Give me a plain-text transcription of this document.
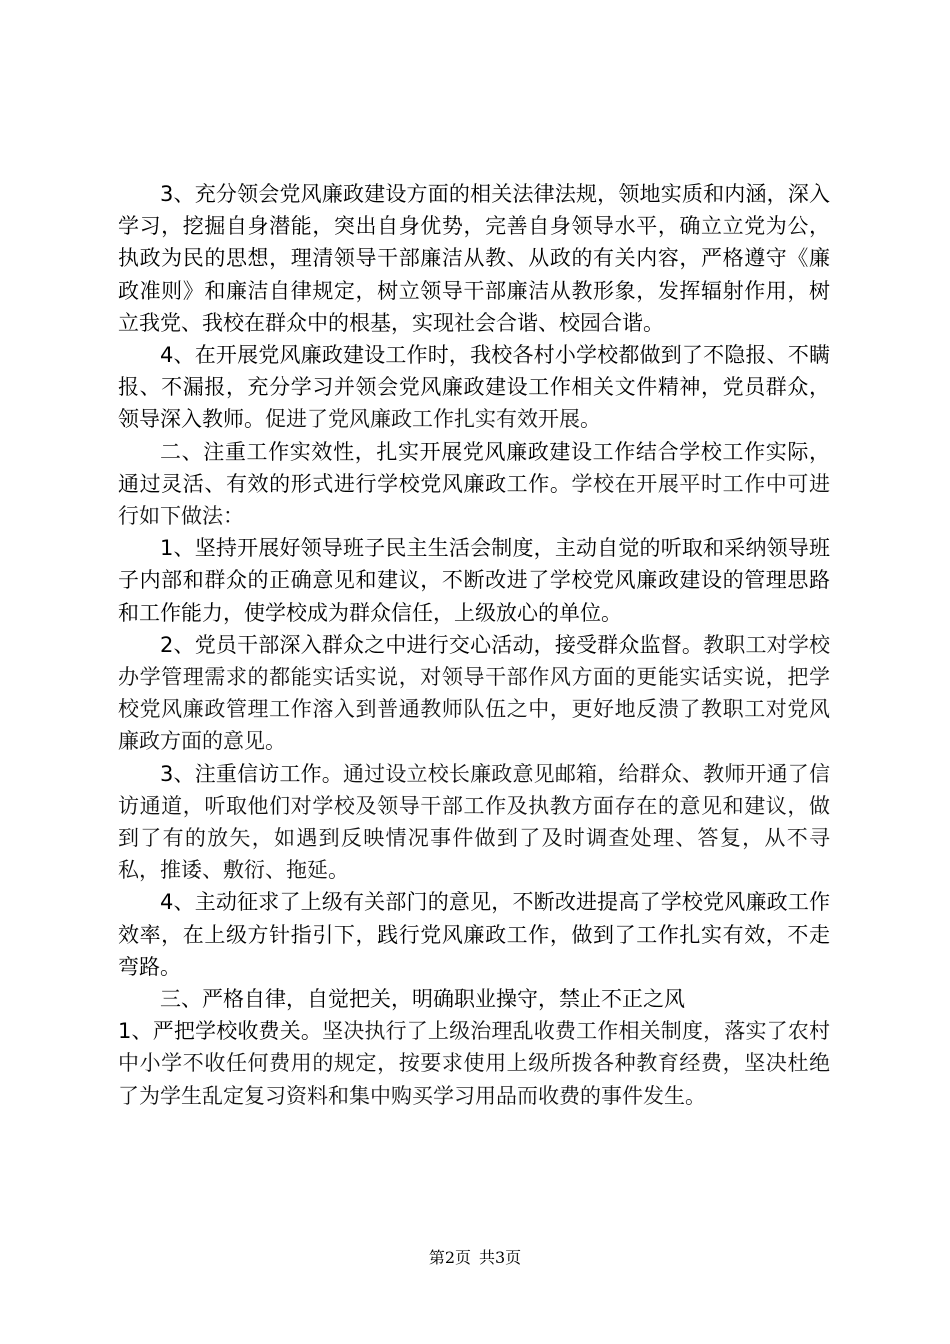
3、充分领会党风廉政建设方面的相关法律法规，领地实质和内涵，深入学习，挖掘自身潜能，突出自身优势，完善自身领导水平，确立立党为公，执政为民的思想，理清领导干部廉洁从教、从政的有关内容，严格遵守《廉政准则》和廉洁自律规定，树立领导干部廉洁从教形象，发挥辐射作用，树立我党、我校在群众中的根基，实现社会合谐、校园合谐。

4、在开展党风廉政建设工作时，我校各村小学校都做到了不隐报、不瞒报、不漏报，充分学习并领会党风廉政建设工作相关文件精神，党员群众，领导深入教师。促进了党风廉政工作扎实有效开展。

二、注重工作实效性，扎实开展党风廉政建设工作结合学校工作实际，通过灵活、有效的形式进行学校党风廉政工作。学校在开展平时工作中可进行如下做法：

1、坚持开展好领导班子民主生活会制度，主动自觉的听取和采纳领导班子内部和群众的正确意见和建议，不断改进了学校党风廉政建设的管理思路和工作能力，使学校成为群众信任，上级放心的单位。

2、党员干部深入群众之中进行交心活动，接受群众监督。教职工对学校办学管理需求的都能实话实说，对领导干部作风方面的更能实话实说，把学校党风廉政管理工作溶入到普通教师队伍之中，更好地反溃了教职工对党风廉政方面的意见。

3、注重信访工作。通过设立校长廉政意见邮箱，给群众、教师开通了信访通道，听取他们对学校及领导干部工作及执教方面存在的意见和建议，做到了有的放矢，如遇到反映情况事件做到了及时调查处理、答复，从不寻私，推诿、敷衍、拖延。

4、主动征求了上级有关部门的意见，不断改进提高了学校党风廉政工作效率，在上级方针指引下，践行党风廉政工作，做到了工作扎实有效，不走弯路。

三、严格自律，自觉把关，明确职业操守，禁止不正之风

1、严把学校收费关。坚决执行了上级治理乱收费工作相关制度，落实了农村中小学不收任何费用的规定，按要求使用上级所拨各种教育经费，坚决杜绝了为学生乱定复习资料和集中购买学习用品而收费的事件发生。

第2页 共3页
